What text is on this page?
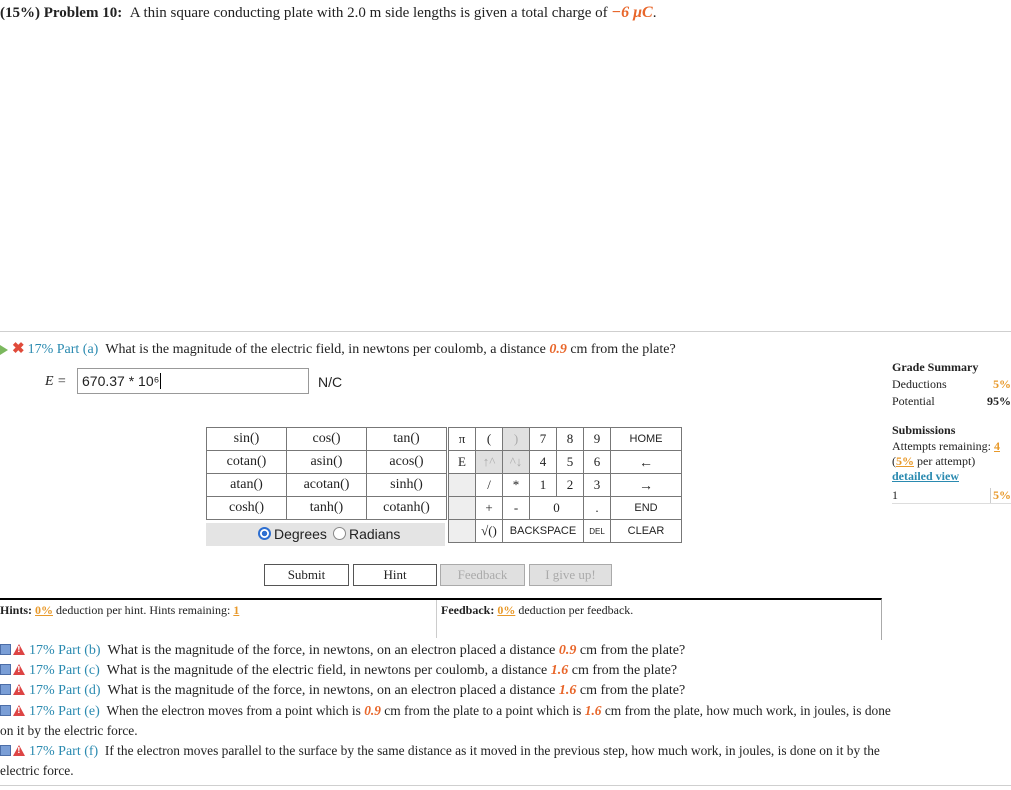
(15%) Problem 10: A thin square conducting plate with 2.0 m side lengths is given a total charge of −6 μC.
✖ 17% Part (a) What is the magnitude of the electric field, in newtons per coulomb, a distance 0.9 cm from the plate?
E =	670.37 * 10⁶	N/C
sin()	cos()	tan()
cotan()	asin()	acos()
atan()	acotan()	sinh()
cosh()	tanh()	cotanh()
Degrees	Radians
π	(	)	7	8	9	HOME
E	↑^	^↓	4	5	6	←
	/	*	1	2	3	→
	+	-	0		.	END
	√()	BACKSPACE			DEL	CLEAR
Submit	Hint	Feedback	I give up!
Grade Summary
Deductions	5%
Potential	95%
Submissions
Attempts remaining: 4
(5% per attempt)
detailed view
1	5%
Hints: 0% deduction per hint. Hints remaining: 1	Feedback: 0% deduction per feedback.
!17% Part (b) What is the magnitude of the force, in newtons, on an electron placed a distance 0.9 cm from the plate?
!17% Part (c) What is the magnitude of the electric field, in newtons per coulomb, a distance 1.6 cm from the plate?
!17% Part (d) What is the magnitude of the force, in newtons, on an electron placed a distance 1.6 cm from the plate?
!17% Part (e) When the electron moves from a point which is 0.9 cm from the plate to a point which is 1.6 cm from the plate, how much work, in joules, is done
on it by the electric force.
!17% Part (f) If the electron moves parallel to the surface by the same distance as it moved in the previous step, how much work, in joules, is done on it by the
electric force.
